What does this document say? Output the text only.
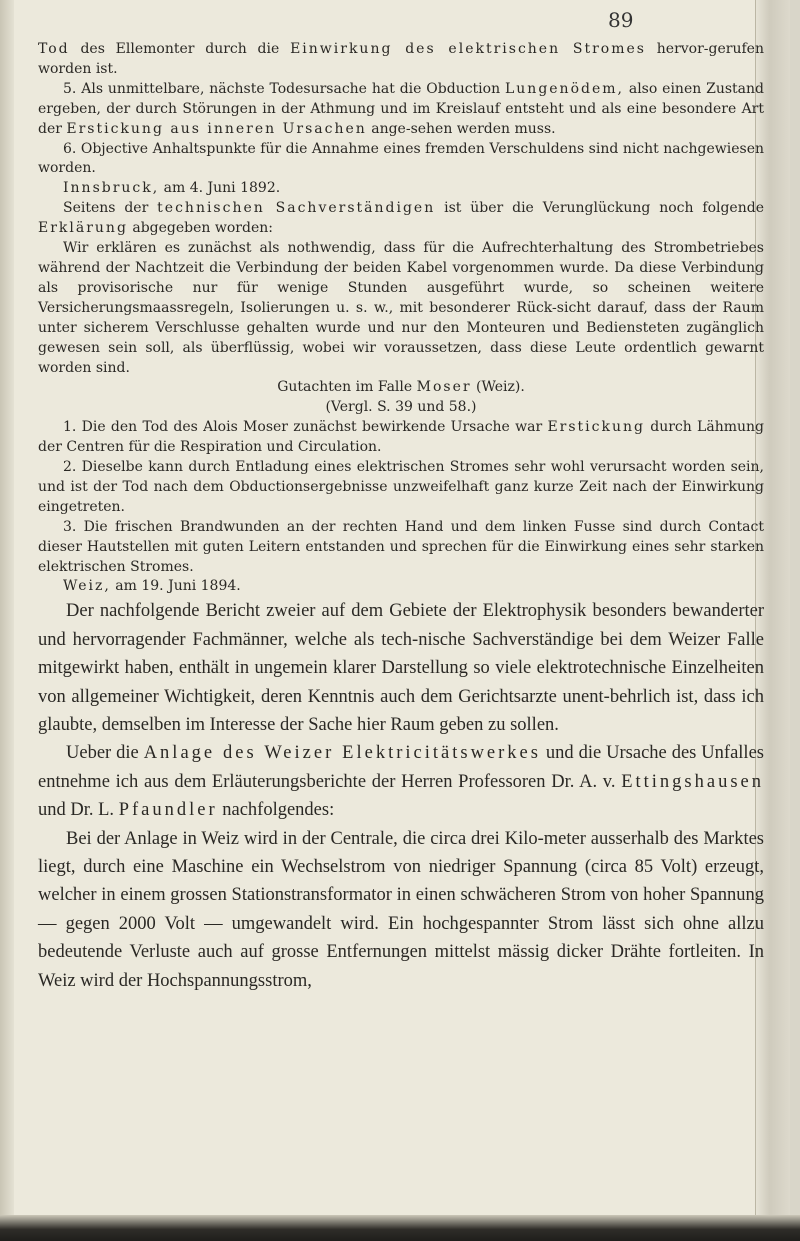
89

Tod des Ellemonter durch die Einwirkung des elektrischen Stromes hervor-gerufen worden ist.

5. Als unmittelbare, nächste Todesursache hat die Obduction Lungenödem, also einen Zustand ergeben, der durch Störungen in der Athmung und im Kreislauf entsteht und als eine besondere Art der Erstickung aus inneren Ursachen ange-sehen werden muss.

6. Objective Anhaltspunkte für die Annahme eines fremden Verschuldens sind nicht nachgewiesen worden.

Innsbruck, am 4. Juni 1892.

Seitens der technischen Sachverständigen ist über die Verunglückung noch folgende Erklärung abgegeben worden:

Wir erklären es zunächst als nothwendig, dass für die Aufrechterhaltung des Strombetriebes während der Nachtzeit die Verbindung der beiden Kabel vorgenommen wurde. Da diese Verbindung als provisorische nur für wenige Stunden ausgeführt wurde, so scheinen weitere Versicherungsmaassregeln, Isolierungen u. s. w., mit besonderer Rück-sicht darauf, dass der Raum unter sicherem Verschlusse gehalten wurde und nur den Monteuren und Bediensteten zugänglich gewesen sein soll, als überflüssig, wobei wir voraussetzen, dass diese Leute ordentlich gewarnt worden sind.

Gutachten im Falle Moser (Weiz).

(Vergl. S. 39 und 58.)

1. Die den Tod des Alois Moser zunächst bewirkende Ursache war Erstickung durch Lähmung der Centren für die Respiration und Circulation.

2. Dieselbe kann durch Entladung eines elektrischen Stromes sehr wohl verursacht worden sein, und ist der Tod nach dem Obductionsergebnisse unzweifelhaft ganz kurze Zeit nach der Einwirkung eingetreten.

3. Die frischen Brandwunden an der rechten Hand und dem linken Fusse sind durch Contact dieser Hautstellen mit guten Leitern entstanden und sprechen für die Einwirkung eines sehr starken elektrischen Stromes.

Weiz, am 19. Juni 1894.

Der nachfolgende Bericht zweier auf dem Gebiete der Elektrophysik besonders bewanderter und hervorragender Fachmänner, welche als tech-nische Sachverständige bei dem Weizer Falle mitgewirkt haben, enthält in ungemein klarer Darstellung so viele elektrotechnische Einzelheiten von allgemeiner Wichtigkeit, deren Kenntnis auch dem Gerichtsarzte unent-behrlich ist, dass ich glaubte, demselben im Interesse der Sache hier Raum geben zu sollen.

Ueber die Anlage des Weizer Elektricitätswerkes und die Ursache des Unfalles entnehme ich aus dem Erläuterungsberichte der Herren Professoren Dr. A. v. Ettingshausen und Dr. L. Pfaundler nachfolgendes:

Bei der Anlage in Weiz wird in der Centrale, die circa drei Kilo-meter ausserhalb des Marktes liegt, durch eine Maschine ein Wechselstrom von niedriger Spannung (circa 85 Volt) erzeugt, welcher in einem grossen Stationstransformator in einen schwächeren Strom von hoher Spannung — gegen 2000 Volt — umgewandelt wird. Ein hochgespannter Strom lässt sich ohne allzu bedeutende Verluste auch auf grosse Entfernungen mittelst mässig dicker Drähte fortleiten. In Weiz wird der Hochspannungsstrom,
